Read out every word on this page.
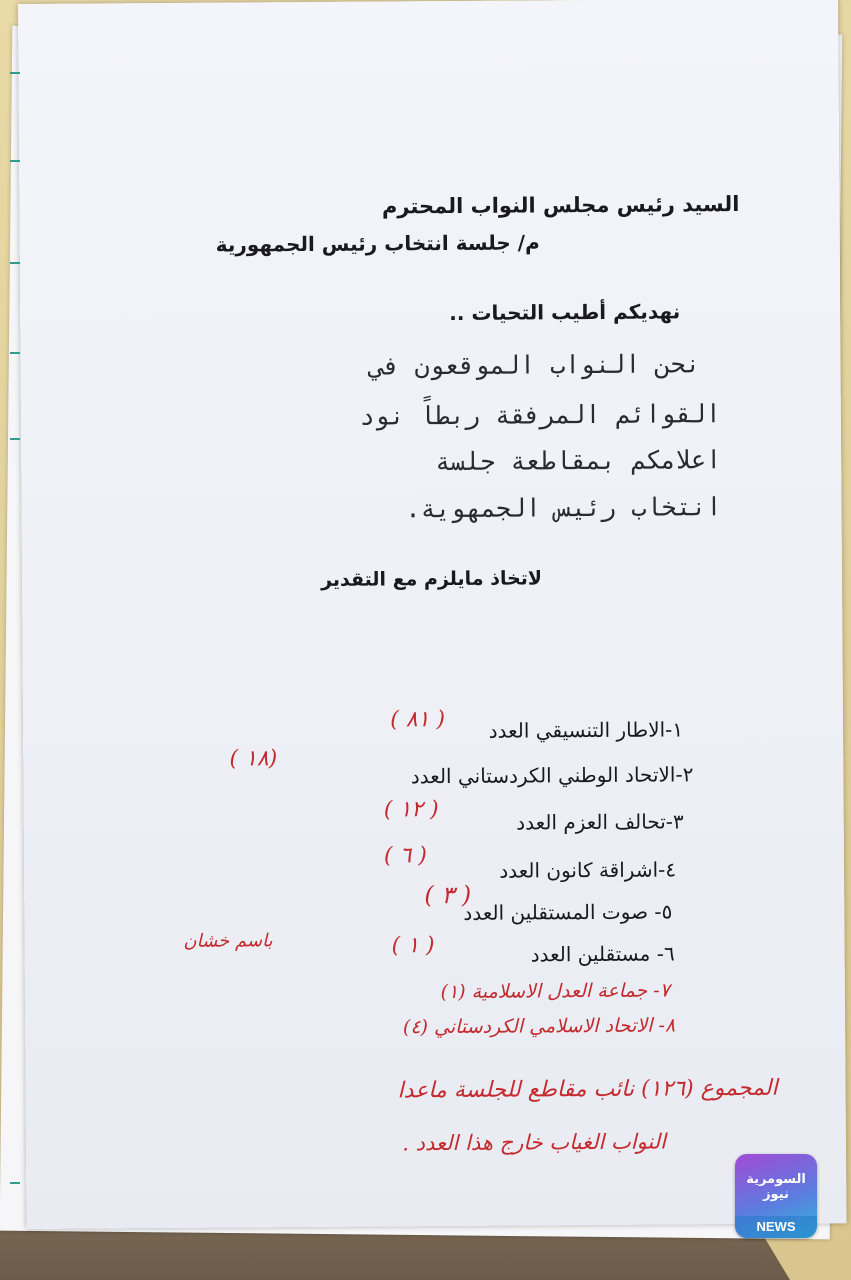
السيد رئيس مجلس النواب المحترم
م/ جلسة انتخاب رئيس الجمهورية
نهديكم أطيب التحيات ..
نحن النواب الموقعون في
القوائم المرفقة ربطاً نود
اعلامكم بمقاطعة جلسة
انتخاب رئيس الجمهوية.
لاتخاذ مايلزم مع التقدير
١-الاطار التنسيقي العدد
٢-الاتحاد الوطني الكردستاني العدد
٣-تحالف العزم العدد
٤-اشراقة كانون العدد
٥- صوت المستقلين العدد
٦- مستقلين العدد
( ٨١ )
(١٨ )
( ١٢ )
( ٦ )
( ٣ )
( ١ )
باسم خشان
٧- جماعة العدل الاسلامية (١)
٨- الاتحاد الاسلامي الكردستاني (٤)
المجموع (١٢٦) نائب مقاطع للجلسة ماعدا
النواب الغياب خارج هذا العدد .
السومرية نيوز
NEWS
